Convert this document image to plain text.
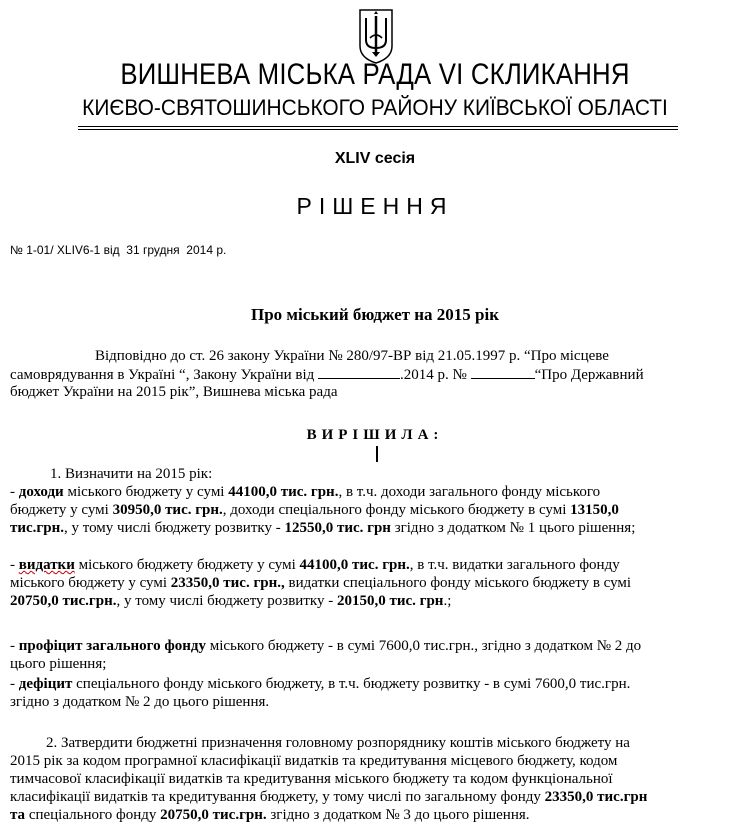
ВИШНЕВА МІСЬКА РАДА VI СКЛИКАННЯ
КИЄВО-СВЯТОШИНСЬКОГО РАЙОНУ КИЇВСЬКОЇ ОБЛАСТІ
XLIV сесія
РІШЕННЯ
№ 1-01/ XLIV6-1 від  31 грудня  2014 р.
Про міський бюджет на 2015 рік
Відповідно до ст. 26 закону України № 280/97-ВР від 21.05.1997 р. “Про місцеве
самоврядування в Україні “, Закону України від	.2014 р. №	“Про Державний
бюджет України на 2015 рік”, Вишнева міська рада
ВИРІШИЛА:
1. Визначити на 2015 рік:
- доходи міського бюджету у сумі 44100,0 тис. грн., в т.ч. доходи загального фонду міського
бюджету у сумі 30950,0 тис. грн., доходи спеціального фонду міського бюджету в сумі 13150,0
тис.грн., у тому числі бюджету розвитку - 12550,0 тис. грн згідно з додатком № 1 цього рішення;
- видатки міського бюджету бюджету у сумі 44100,0 тис. грн., в т.ч. видатки загального фонду
міського бюджету у сумі 23350,0 тис. грн., видатки спеціального фонду міського бюджету в сумі
20750,0 тис.грн., у тому числі бюджету розвитку - 20150,0 тис. грн.;
- профіцит загального фонду міського бюджету - в сумі 7600,0 тис.грн., згідно з додатком № 2 до
цього рішення;
- дефіцит спеціального фонду міського бюджету, в т.ч. бюджету розвитку - в сумі 7600,0 тис.грн.
згідно з додатком № 2 до цього рішення.
2. Затвердити бюджетні призначення головному розпоряднику коштів міського бюджету на
2015 рік за кодом програмної класифікації видатків та кредитування місцевого бюджету, кодом
тимчасової класифікації видатків та кредитування міського бюджету та кодом функціональної
класифікації видатків та кредитування бюджету, у тому числі по загальному фонду 23350,0 тис.грн
та спеціального фонду 20750,0 тис.грн. згідно з додатком № 3 до цього рішення.
